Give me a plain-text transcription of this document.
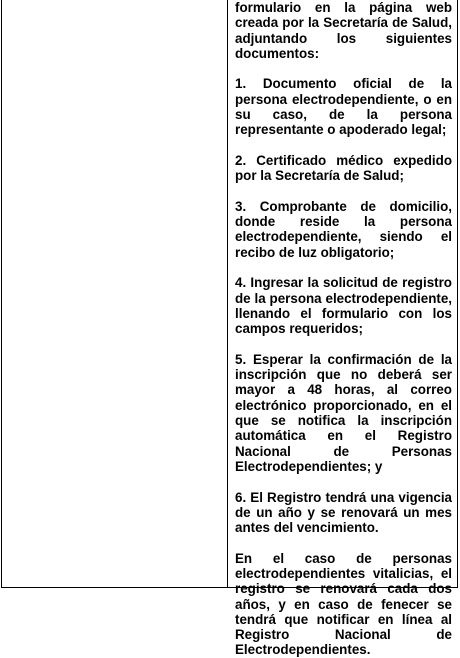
formulario en la página web creada por la Secretaría de Salud, adjuntando los siguientes documentos:

1. Documento oficial de la persona electrodependiente, o en su caso, de la persona representante o apoderado legal;

2. Certificado médico expedido por la Secretaría de Salud;

3. Comprobante de domicilio, donde reside la persona electrodependiente, siendo el recibo de luz obligatorio;

4. Ingresar la solicitud de registro de la persona electrodependiente, llenando el formulario con los campos requeridos;

5. Esperar la confirmación de la inscripción que no deberá ser mayor a 48 horas, al correo electrónico proporcionado, en el que se notifica la inscripción automática en el Registro Nacional de Personas Electrodependientes; y

6. El Registro tendrá una vigencia de un año y se renovará un mes antes del vencimiento.

En el caso de personas electrodependientes vitalicias, el registro se renovará cada dos años, y en caso de fenecer se tendrá que notificar en línea al Registro Nacional de Electrodependientes.
